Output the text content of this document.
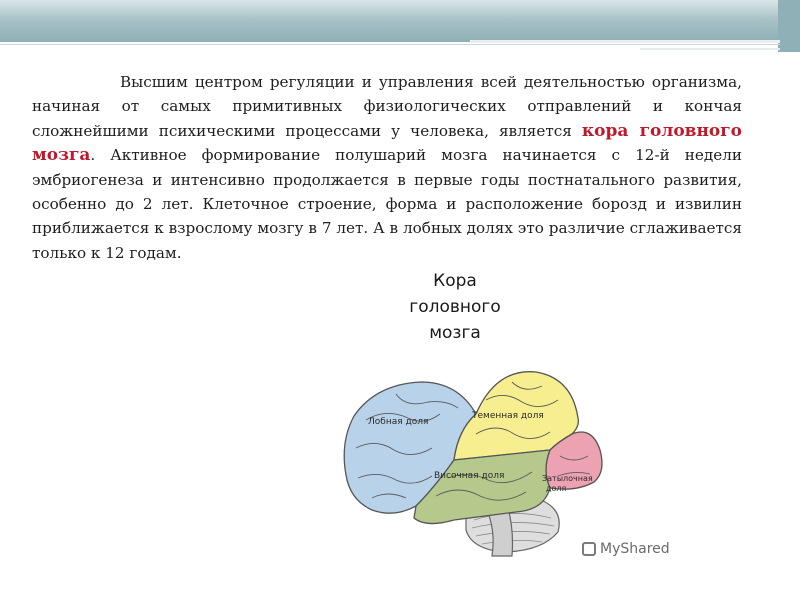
Высшим центром регуляции и управления всей деятельностью организма, начиная от самых примитивных физиологических отправлений и кончая сложнейшими психическими процессами у человека, является кора головного мозга. Активное формирование полушарий мозга начинается с 12-й недели эмбриогенеза и интенсивно продолжается в первые годы постнатального развития, особенно до 2 лет. Клеточное строение, форма и расположение борозд и извилин приближается к взрослому мозгу в 7 лет. А в лобных долях это различие сглаживается только к 12 годам.

Кора
головного
мозга
Лобная доля
Теменная доля
Височная доля	Затылочная
доля
MyShared
